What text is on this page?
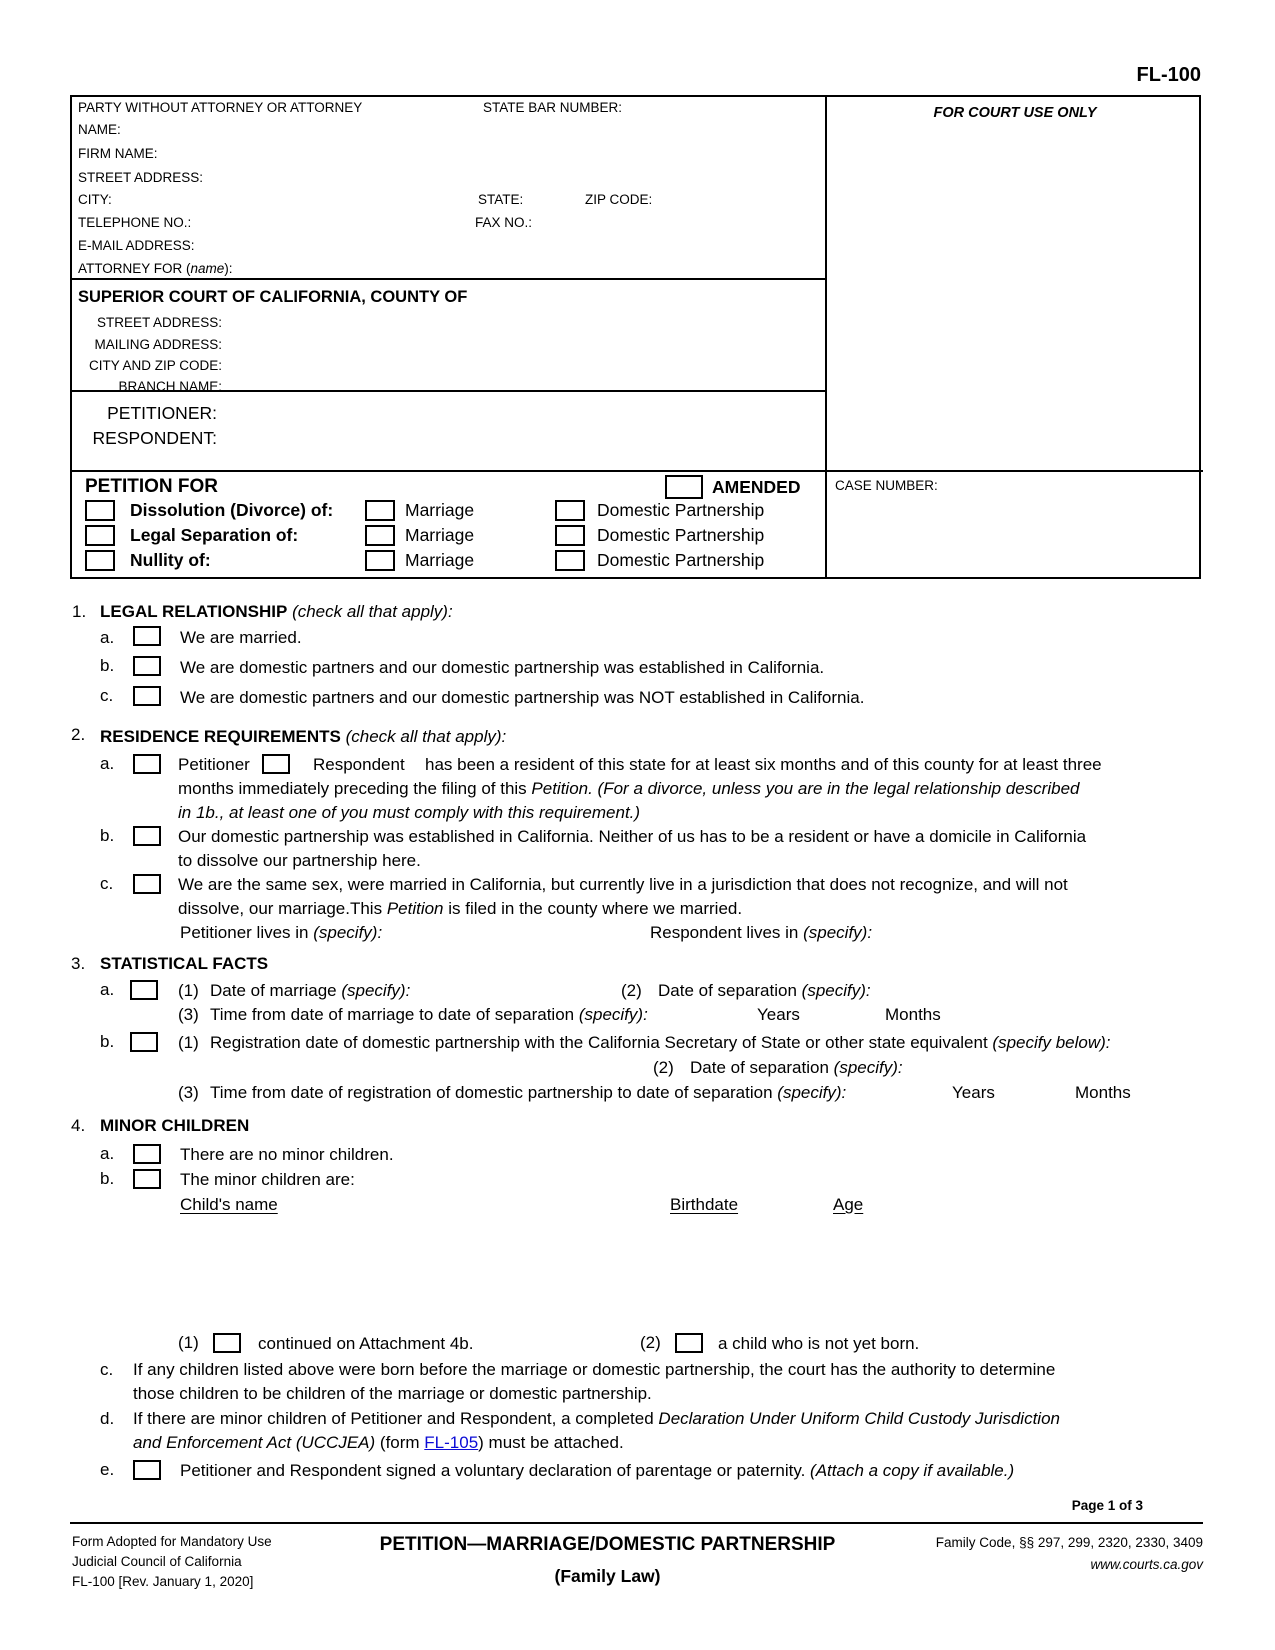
FL-100
PARTY WITHOUT ATTORNEY OR ATTORNEY	STATE BAR NUMBER:
NAME:
FIRM NAME:
STREET ADDRESS:
CITY:	STATE:	ZIP CODE:
TELEPHONE NO.:	FAX NO.:
E-MAIL ADDRESS:
ATTORNEY FOR (name):
SUPERIOR COURT OF CALIFORNIA, COUNTY OF
STREET ADDRESS:
MAILING ADDRESS:
CITY AND ZIP CODE:
BRANCH NAME:
PETITIONER:
RESPONDENT:
PETITION FOR	AMENDED
Dissolution (Divorce) of:	Marriage	Domestic Partnership
Legal Separation of:	Marriage	Domestic Partnership
Nullity of:	Marriage	Domestic Partnership
FOR COURT USE ONLY
CASE NUMBER:
1. LEGAL RELATIONSHIP (check all that apply):
a.	We are married.
b.	We are domestic partners and our domestic partnership was established in California.
c.	We are domestic partners and our domestic partnership was NOT established in California.
2. RESIDENCE REQUIREMENTS (check all that apply):
a.	Petitioner	Respondent has been a resident of this state for at least six months and of this county for at least three
months immediately preceding the filing of this Petition. (For a divorce, unless you are in the legal relationship described
in 1b., at least one of you must comply with this requirement.)
b.	Our domestic partnership was established in California. Neither of us has to be a resident or have a domicile in California
to dissolve our partnership here.
c.	We are the same sex, were married in California, but currently live in a jurisdiction that does not recognize, and will not
dissolve, our marriage.This Petition is filed in the county where we married.
Petitioner lives in (specify):	Respondent lives in (specify):
3. STATISTICAL FACTS
a.	(1) Date of marriage (specify):	(2) Date of separation (specify):
(3) Time from date of marriage to date of separation (specify):	Years	Months
b.	(1) Registration date of domestic partnership with the California Secretary of State or other state equivalent (specify below):
(2) Date of separation (specify):
(3) Time from date of registration of domestic partnership to date of separation (specify):	Years	Months
4. MINOR CHILDREN
a.	There are no minor children.
b.	The minor children are:
Child's name	Birthdate	Age
(1)	continued on Attachment 4b.	(2)	a child who is not yet born.
c. If any children listed above were born before the marriage or domestic partnership, the court has the authority to determine
those children to be children of the marriage or domestic partnership.
d. If there are minor children of Petitioner and Respondent, a completed Declaration Under Uniform Child Custody Jurisdiction
and Enforcement Act (UCCJEA) (form FL-105) must be attached.
e.	Petitioner and Respondent signed a voluntary declaration of parentage or paternity. (Attach a copy if available.)
Page 1 of 3
Form Adopted for Mandatory Use
Judicial Council of California
FL-100 [Rev. January 1, 2020]
PETITION—MARRIAGE/DOMESTIC PARTNERSHIP
(Family Law)
Family Code, §§ 297, 299, 2320, 2330, 3409
www.courts.ca.gov
